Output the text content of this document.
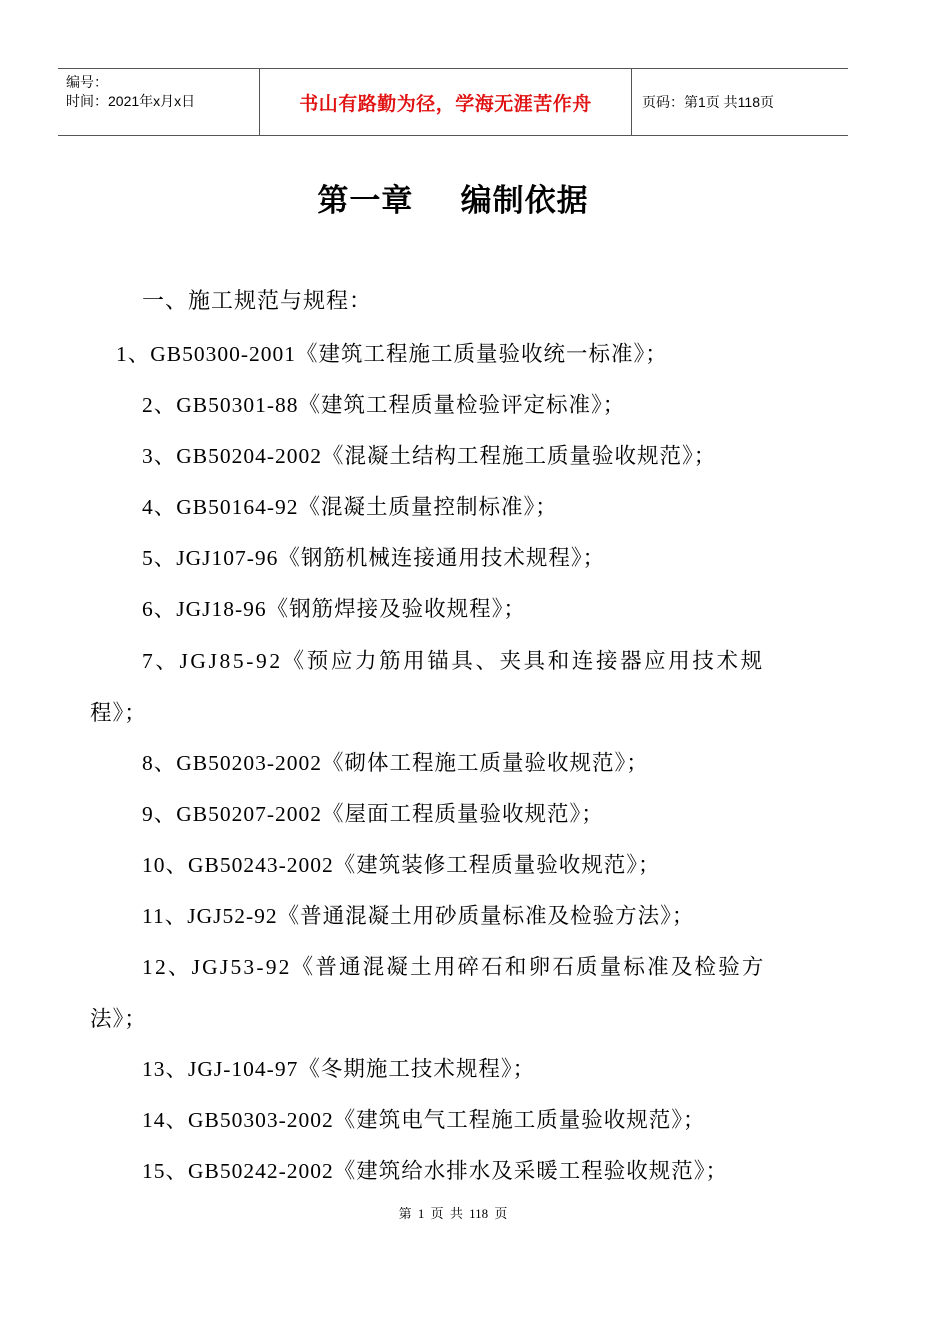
编号：
时间：2021年x月x日	书山有路勤为径，学海无涯苦作舟	页码：第1页 共118页
第一章    编制依据
一、施工规范与规程：
1、GB50300-2001《建筑工程施工质量验收统一标准》；
2、GB50301-88《建筑工程质量检验评定标准》；
3、GB50204-2002《混凝土结构工程施工质量验收规范》；
4、GB50164-92《混凝土质量控制标准》；
5、JGJ107-96《钢筋机械连接通用技术规程》；
6、JGJ18-96《钢筋焊接及验收规程》；
7、JGJ85-92《预应力筋用锚具、夹具和连接器应用技术规
程》；
8、GB50203-2002《砌体工程施工质量验收规范》；
9、GB50207-2002《屋面工程质量验收规范》；
10、GB50243-2002《建筑装修工程质量验收规范》；
11、JGJ52-92《普通混凝土用砂质量标准及检验方法》；
12、JGJ53-92《普通混凝土用碎石和卵石质量标准及检验方
法》；
13、JGJ-104-97《冬期施工技术规程》；
14、GB50303-2002《建筑电气工程施工质量验收规范》；
15、GB50242-2002《建筑给水排水及采暖工程验收规范》；
第 1 页 共 118 页
